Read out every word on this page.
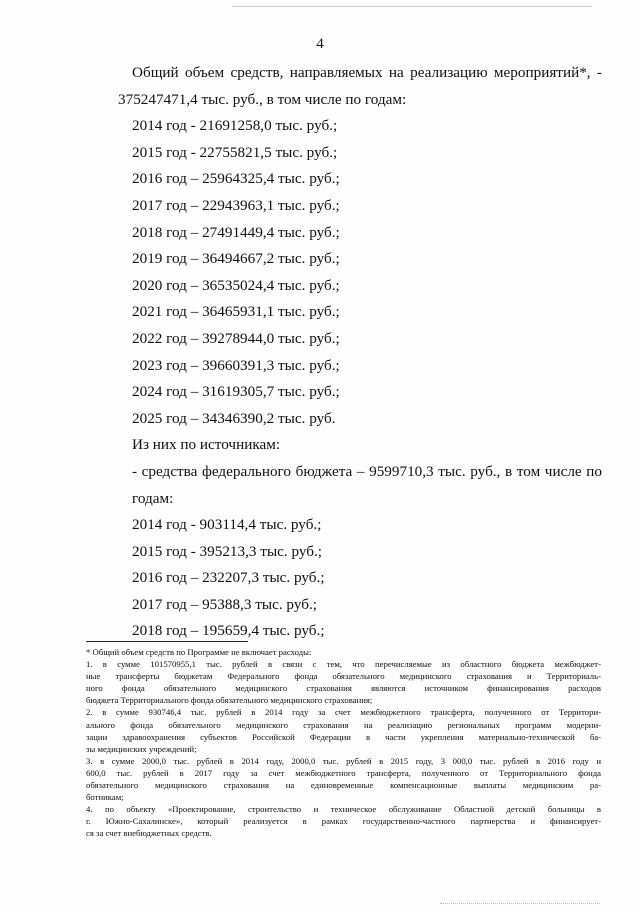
4
Общий объем средств, направляемых на реализацию мероприятий*, -
375247471,4 тыс. руб., в том числе по годам:
2014 год - 21691258,0 тыс. руб.;
2015 год - 22755821,5 тыс. руб.;
2016 год – 25964325,4 тыс. руб.;
2017 год – 22943963,1 тыс. руб.;
2018 год – 27491449,4 тыс. руб.;
2019 год – 36494667,2 тыс. руб.;
2020 год – 36535024,4 тыс. руб.;
2021 год – 36465931,1 тыс. руб.;
2022 год – 39278944,0 тыс. руб.;
2023 год – 39660391,3 тыс. руб.;
2024 год – 31619305,7 тыс. руб.;
2025 год – 34346390,2 тыс. руб.
Из них по источникам:
- средства федерального бюджета – 9599710,3 тыс. руб., в том числе по
годам:
2014 год - 903114,4 тыс. руб.;
2015 год - 395213,3 тыс. руб.;
2016 год – 232207,3 тыс. руб.;
2017 год – 95388,3 тыс. руб.;
2018 год – 195659,4 тыс. руб.;
* Общий объем средств по Программе не включает расходы:
1. в сумме 101570955,1 тыс. рублей в связи с тем, что перечисляемые из областного бюджета межбюджет-
ные трансферты бюджетам Федерального фонда обязательного медицинского страхования и Территориаль-
ного фонда обязательного медицинского страхования являются источником финансирования расходов
бюджета Территориального фонда обязательного медицинского страхования;
2. в сумме 930746,4 тыс. рублей в 2014 году за счет межбюджетного трансферта, полученного от Территори-
ального фонда обязательного медицинского страхования на реализацию региональных программ модерни-
зации здравоохранения субъектов Российской Федерации в части укрепления материально-технической ба-
зы медицинских учреждений;
3. в сумме 2000,0 тыс. рублей в 2014 году, 2000,0 тыс. рублей в 2015 году, 3 000,0 тыс. рублей в 2016 году и
600,0 тыс. рублей в 2017 году за счет межбюджетного трансферта, полученного от Территориального фонда
обязательного медицинского страхования на единовременные компенсационные выплаты медицинским ра-
ботникам;
4. по объекту «Проектирование, строительство и техническое обслуживание Областной детской больницы в
г. Южно-Сахалинске», который реализуется в рамках государственно-частного партнерства и финансирует-
ся за счет внебюджетных средств.
